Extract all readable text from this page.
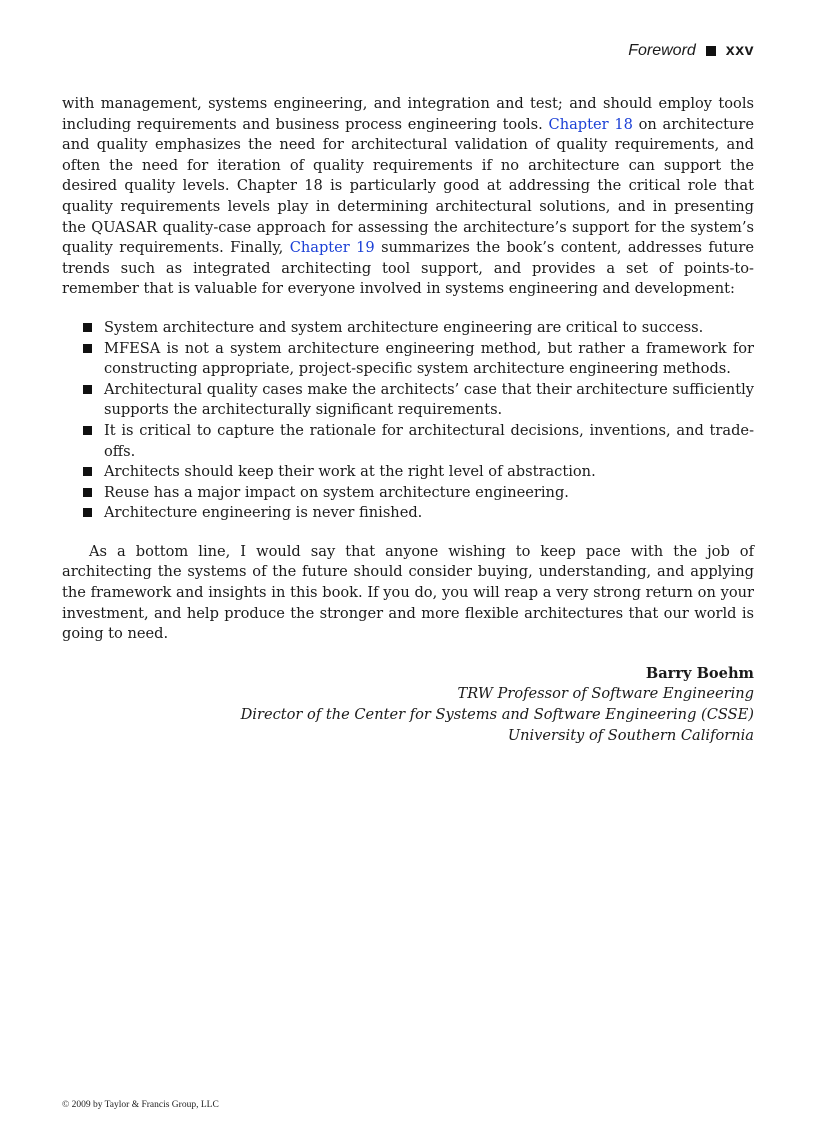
Foreword xxv

with management, systems engineering, and integration and test; and should employ tools including requirements and business process engineering tools. Chapter 18 on architecture and quality emphasizes the need for architectural validation of quality requirements, and often the need for iteration of quality requirements if no architecture can support the desired quality levels. Chapter 18 is particularly good at addressing the critical role that quality requirements levels play in determining architectural solutions, and in presenting the QUASAR quality-case approach for assessing the architecture’s support for the system’s quality requirements. Finally, Chapter 19 summarizes the book’s content, addresses future trends such as integrated architecting tool support, and provides a set of points-to-remember that is valuable for everyone involved in systems engineering and development:

System architecture and system architecture engineering are critical to success.
MFESA is not a system architecture engineering method, but rather a framework for constructing appropriate, project-specific system architecture engineering methods.
Architectural quality cases make the architects’ case that their architecture sufficiently supports the architecturally significant requirements.
It is critical to capture the rationale for architectural decisions, inventions, and trade-offs.
Architects should keep their work at the right level of abstraction.
Reuse has a major impact on system architecture engineering.
Architecture engineering is never finished.

As a bottom line, I would say that anyone wishing to keep pace with the job of architecting the systems of the future should consider buying, understanding, and applying the framework and insights in this book. If you do, you will reap a very strong return on your investment, and help produce the stronger and more flexible architectures that our world is going to need.

Barry Boehm
TRW Professor of Software Engineering
Director of the Center for Systems and Software Engineering (CSSE)
University of Southern California
© 2009 by Taylor & Francis Group, LLC
